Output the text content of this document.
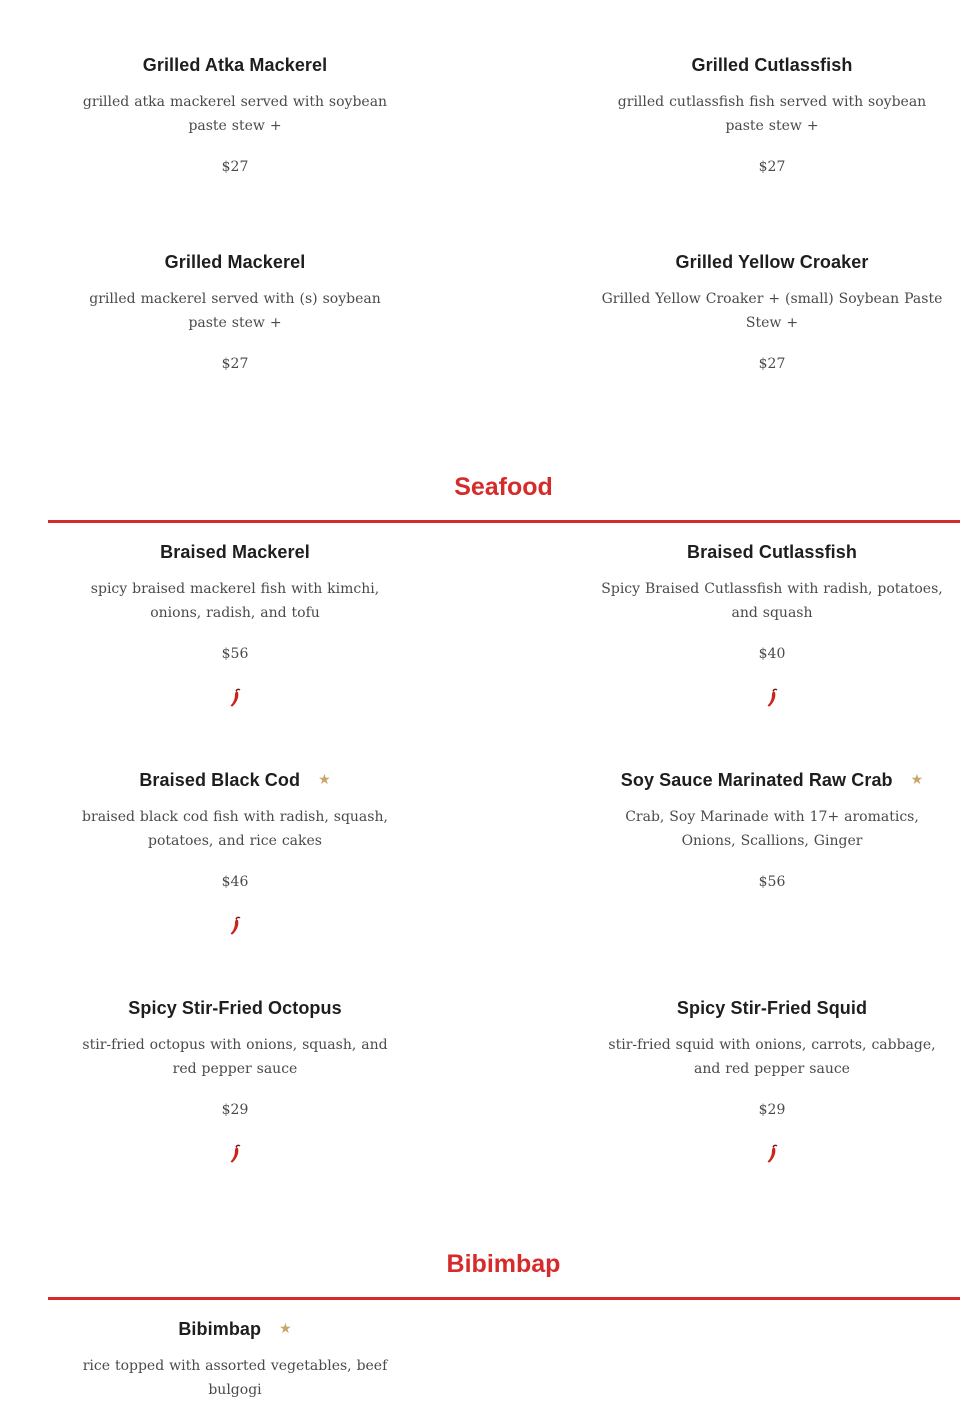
Grilled Atka Mackerel
grilled atka mackerel served with soybean paste stew +
$27
Grilled Cutlassfish
grilled cutlassfish fish served with soybean paste stew +
$27
Grilled Mackerel
grilled mackerel served with (s) soybean paste stew +
$27
Grilled Yellow Croaker
Grilled Yellow Croaker + (small) Soybean Paste Stew +
$27
Seafood
Braised Mackerel
spicy braised mackerel fish with kimchi, onions, radish, and tofu
$56
Braised Cutlassfish
Spicy Braised Cutlassfish with radish, potatoes, and squash
$40
Braised Black Cod ★
braised black cod fish with radish, squash, potatoes, and rice cakes
$46
Soy Sauce Marinated Raw Crab ★
Crab, Soy Marinade with 17+ aromatics, Onions, Scallions, Ginger
$56
Spicy Stir-Fried Octopus
stir-fried octopus with onions, squash, and red pepper sauce
$29
Spicy Stir-Fried Squid
stir-fried squid with onions, carrots, cabbage, and red pepper sauce
$29
Bibimbap
Bibimbap ★
rice topped with assorted vegetables, beef bulgogi
